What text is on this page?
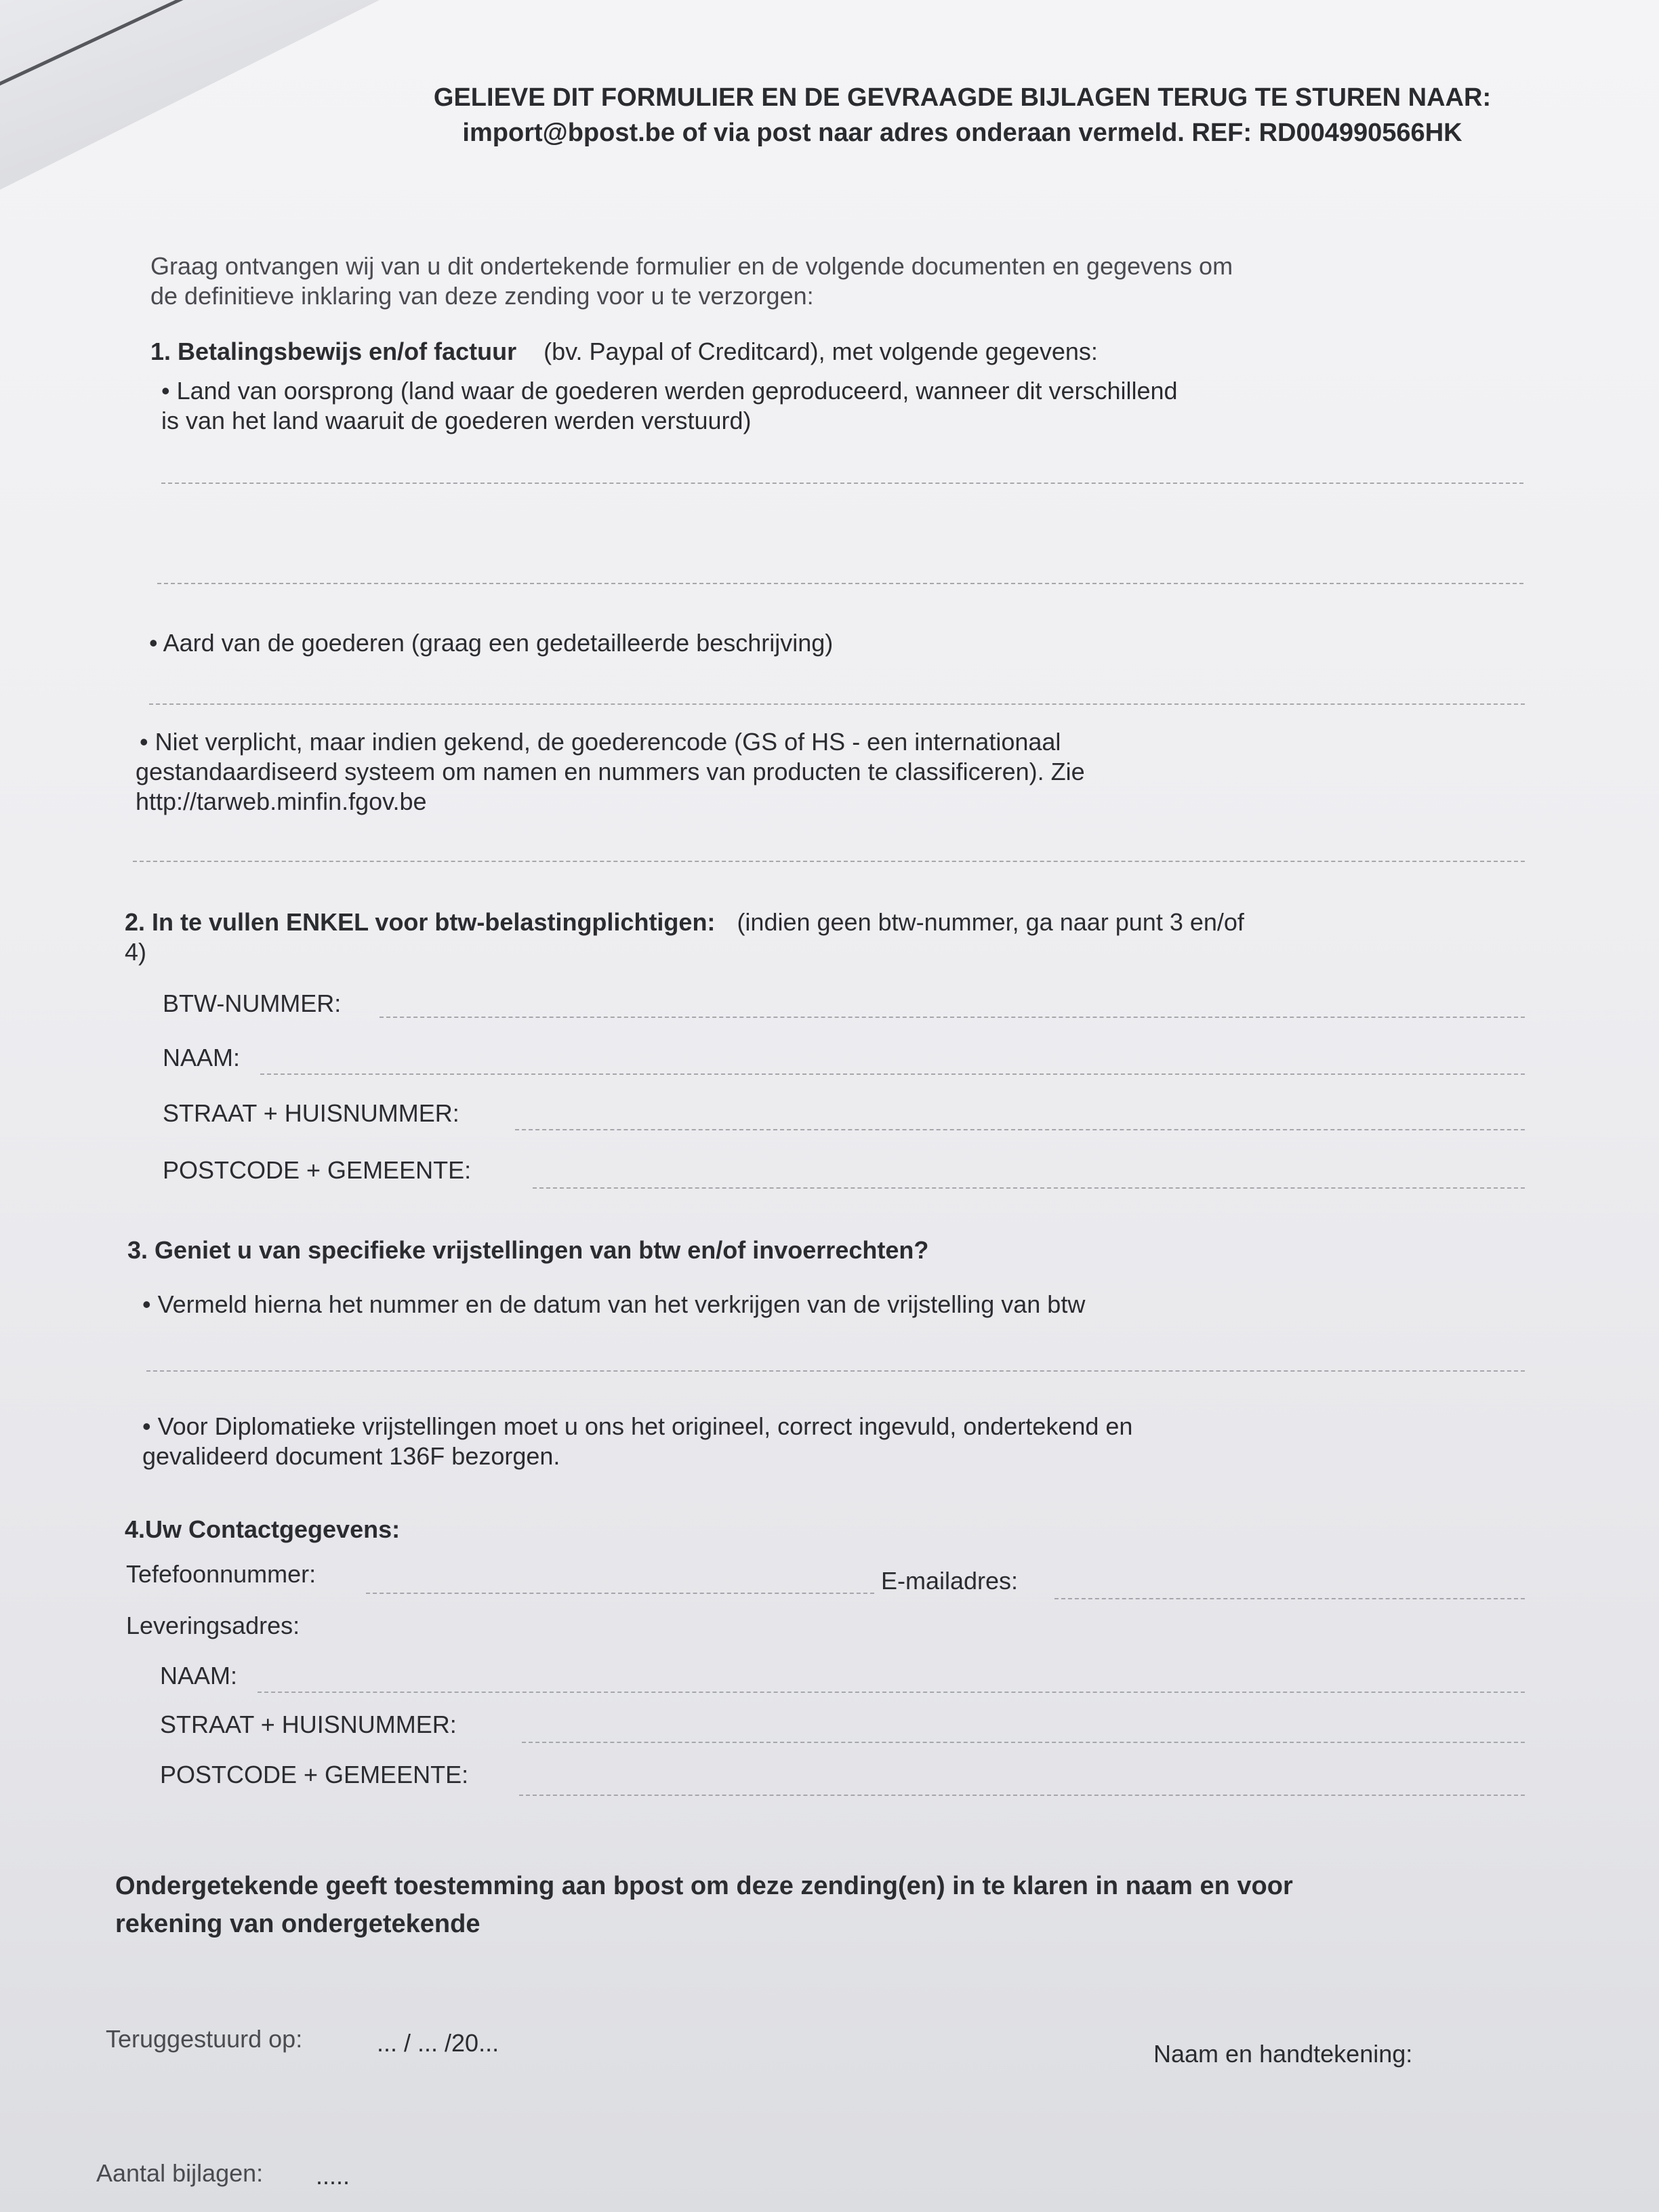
GELIEVE DIT FORMULIER EN DE GEVRAAGDE BIJLAGEN TERUG TE STUREN NAAR:
import@bpost.be of via post naar adres onderaan vermeld. REF: RD004990566HK
Graag ontvangen wij van u dit ondertekende formulier en de volgende documenten en gegevens om
de definitieve inklaring van deze zending voor u te verzorgen:
1. Betalingsbewijs en/of factuur (bv. Paypal of Creditcard), met volgende gegevens:
• Land van oorsprong (land waar de goederen werden geproduceerd, wanneer dit verschillend
is van het land waaruit de goederen werden verstuurd)
• Aard van de goederen (graag een gedetailleerde beschrijving)
• Niet verplicht, maar indien gekend, de goederencode (GS of HS - een internationaal
gestandaardiseerd systeem om namen en nummers van producten te classificeren). Zie
http://tarweb.minfin.fgov.be
2. In te vullen ENKEL voor btw-belastingplichtigen: (indien geen btw-nummer, ga naar punt 3 en/of
4)
BTW-NUMMER:
NAAM:
STRAAT + HUISNUMMER:
POSTCODE + GEMEENTE:
3. Geniet u van specifieke vrijstellingen van btw en/of invoerrechten?
• Vermeld hierna het nummer en de datum van het verkrijgen van de vrijstelling van btw
• Voor Diplomatieke vrijstellingen moet u ons het origineel, correct ingevuld, ondertekend en
gevalideerd document 136F bezorgen.
4.Uw Contactgegevens:
Tefefoonnummer:	E-mailadres:
Leveringsadres:
NAAM:
STRAAT + HUISNUMMER:
POSTCODE + GEMEENTE:
Ondergetekende geeft toestemming aan bpost om deze zending(en) in te klaren in naam en voor
rekening van ondergetekende
Teruggestuurd op:	... / ... /20...	Naam en handtekening:
Aantal bijlagen: .....
